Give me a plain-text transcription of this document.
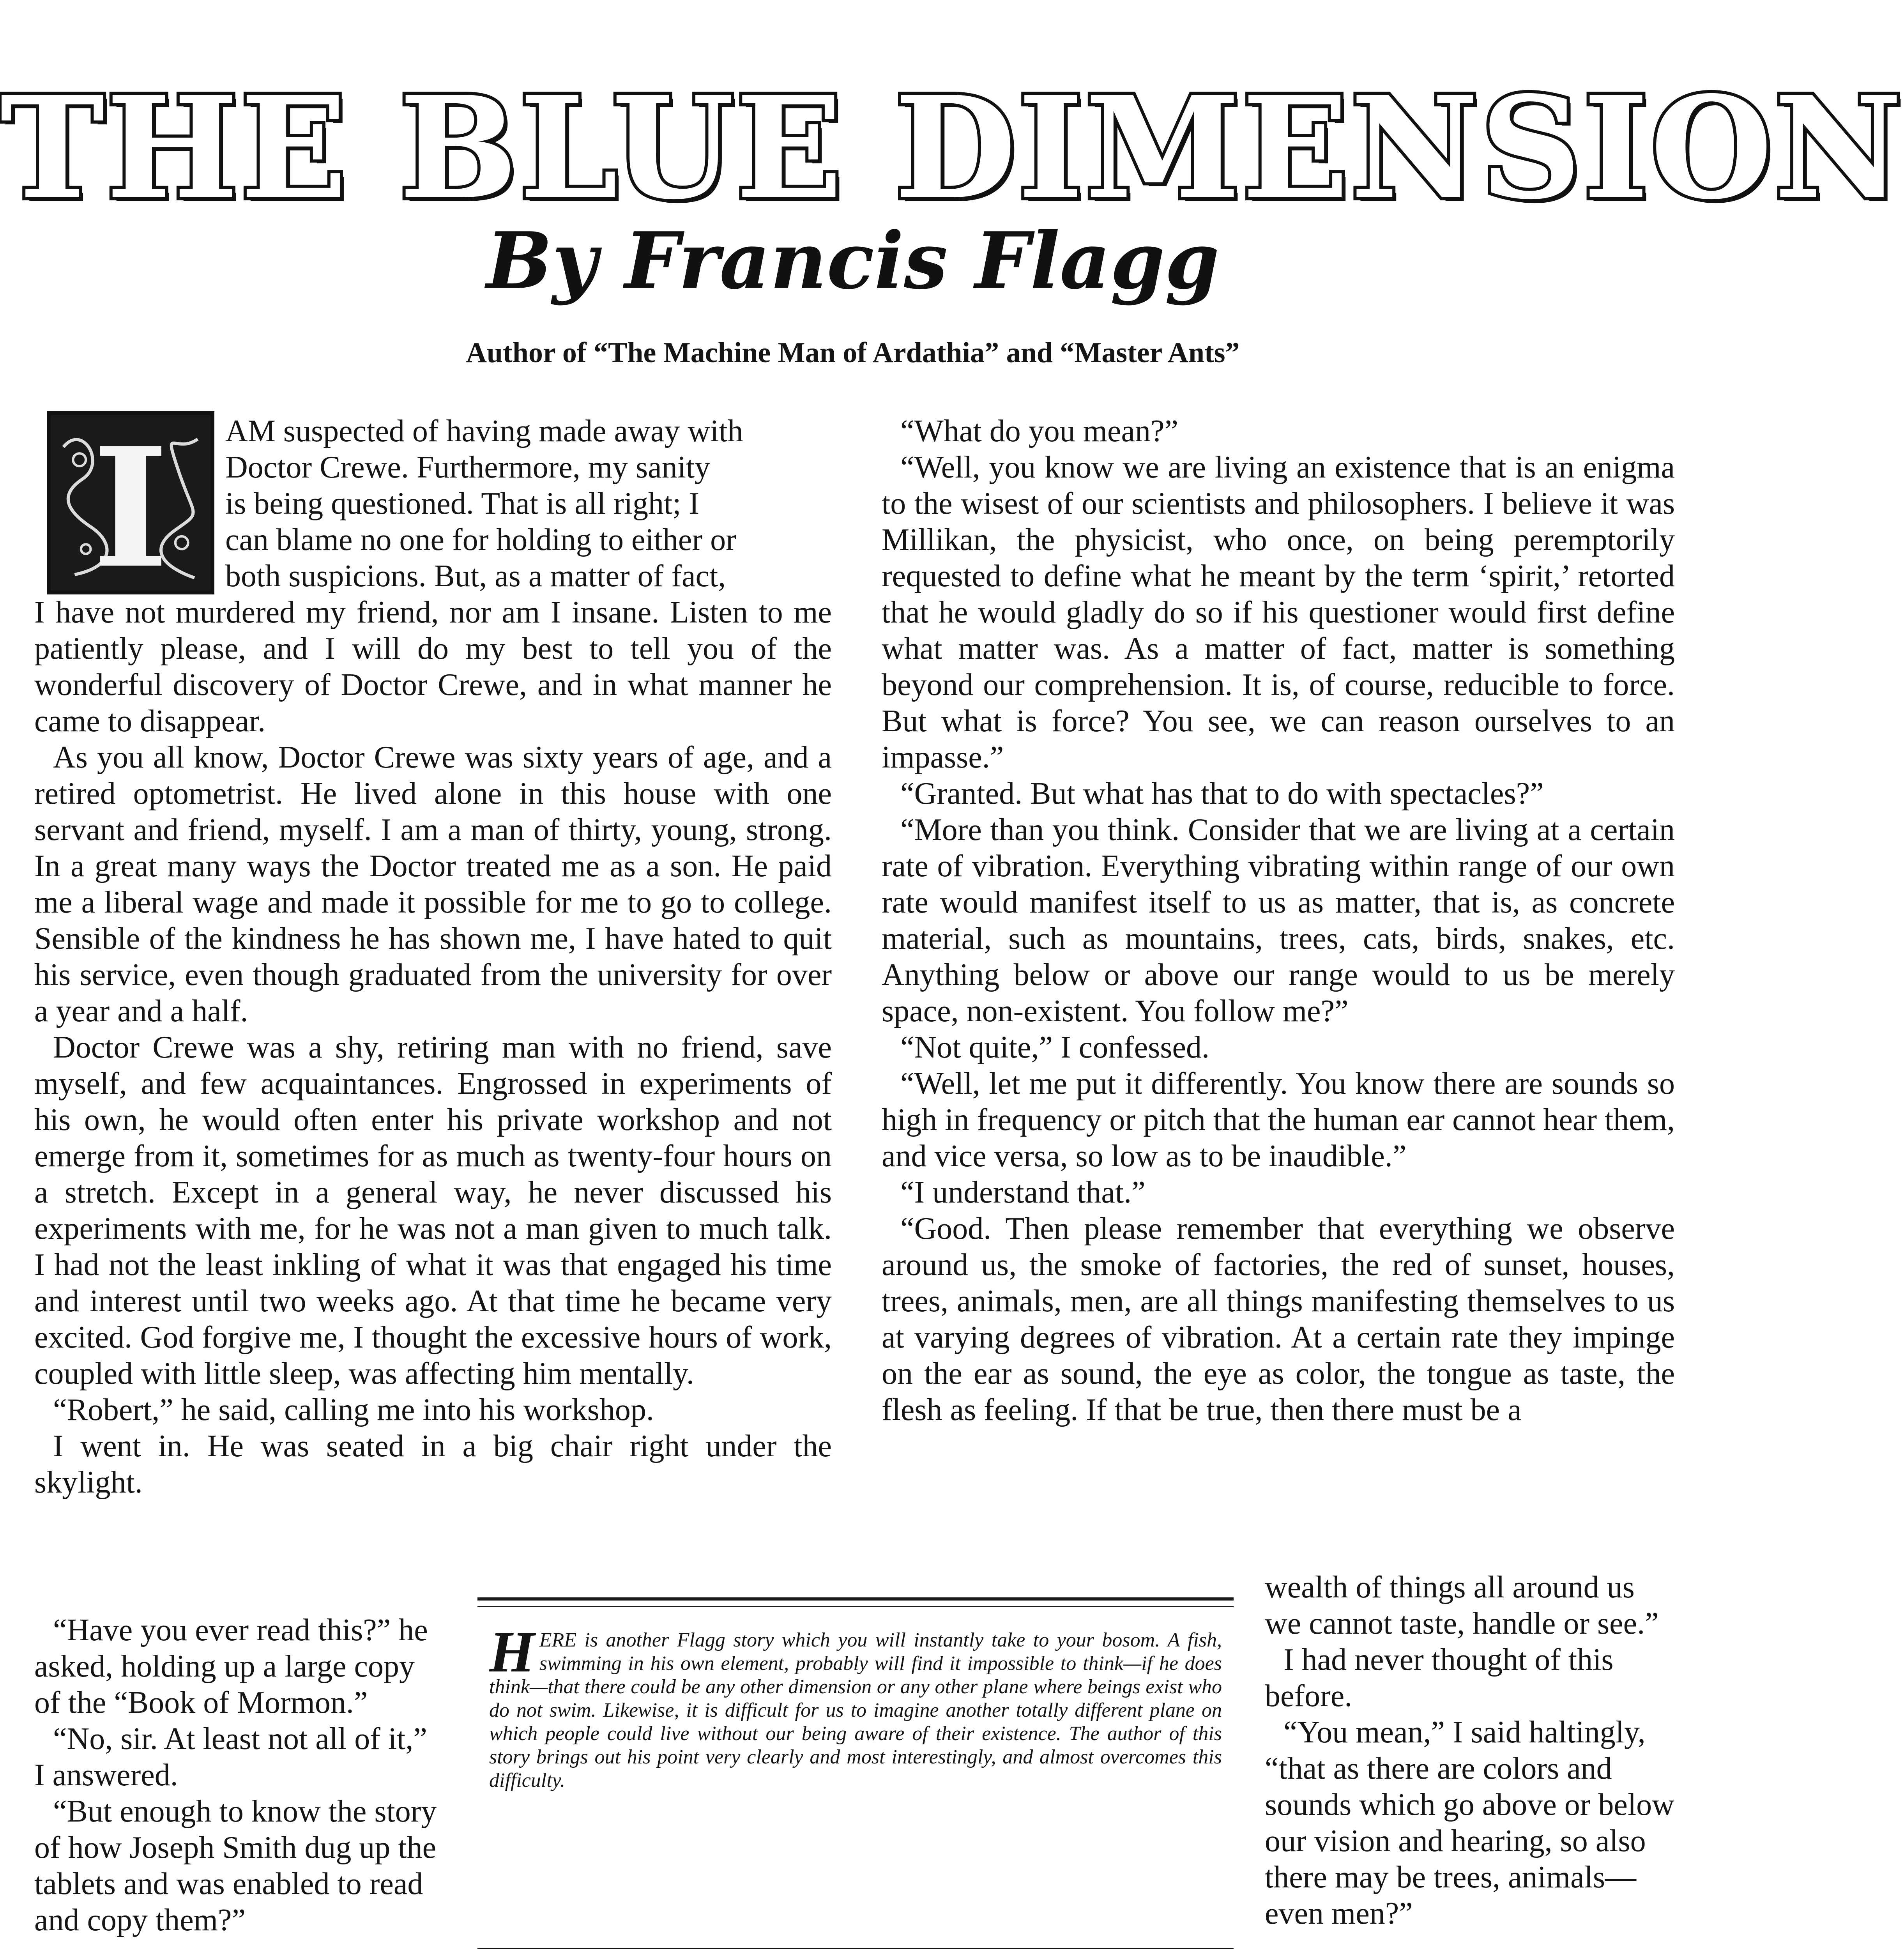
THE BLUE DIMENSION
By Francis Flagg
Author of “The Machine Man of Ardathia” and “Master Ants”
AM suspected of having made away with
Doctor Crewe. Furthermore, my sanity
is being questioned. That is all right; I
can blame no one for holding to either or
both suspicions. But, as a matter of fact,
I

I have not murdered my friend, nor am I insane. Listen to me patiently please, and I will do my best to tell you of the wonderful discovery of Doctor Crewe, and in what manner he came to disappear.

As you all know, Doctor Crewe was sixty years of age, and a retired optometrist. He lived alone in this house with one servant and friend, myself. I am a man of thirty, young, strong. In a great many ways the Doctor treated me as a son. He paid me a liberal wage and made it possible for me to go to college. Sensible of the kindness he has shown me, I have hated to quit his service, even though graduated from the university for over a year and a half.

Doctor Crewe was a shy, retiring man with no friend, save myself, and few acquaintances. Engrossed in experiments of his own, he would often enter his private workshop and not emerge from it, sometimes for as much as twenty-four hours on a stretch. Except in a general way, he never discussed his experiments with me, for he was not a man given to much talk. I had not the least inkling of what it was that engaged his time and interest until two weeks ago. At that time he became very excited. God forgive me, I thought the excessive hours of work, coupled with little sleep, was affecting him mentally.

“Robert,” he said, calling me into his workshop.

I went in. He was seated in a big chair right under the skylight.

“Have you ever read this?” he asked, holding up a large copy of the “Book of Mormon.”

“No, sir. At least not all of it,” I answered.

“But enough to know the story of how Joseph Smith dug up the tablets and was enabled to read and copy them?”

“What do you mean?”

“Well, you know we are living an existence that is an enigma to the wisest of our scientists and philosophers. I believe it was Millikan, the physicist, who once, on being peremptorily requested to define what he meant by the term ‘spirit,’ retorted that he would gladly do so if his questioner would first define what matter was. As a matter of fact, matter is something beyond our comprehension. It is, of course, reducible to force. But what is force? You see, we can reason ourselves to an impasse.”

“Granted. But what has that to do with spectacles?”

“More than you think. Consider that we are living at a certain rate of vibration. Everything vibrating within range of our own rate would manifest itself to us as matter, that is, as concrete material, such as mountains, trees, cats, birds, snakes, etc. Anything below or above our range would to us be merely space, non-existent. You follow me?”

“Not quite,” I confessed.

“Well, let me put it differently. You know there are sounds so high in frequency or pitch that the human ear cannot hear them, and vice versa, so low as to be inaudible.”

“I understand that.”

“Good. Then please remember that everything we observe around us, the smoke of factories, the red of sunset, houses, trees, animals, men, are all things manifesting themselves to us at varying degrees of vibration. At a certain rate they impinge on the ear as sound, the eye as color, the tongue as taste, the flesh as feeling. If that be true, then there must be a

wealth of things all around us we cannot taste, handle or see.”

I had never thought of this before.

“You mean,” I said haltingly, “that as there are colors and sounds which go above or below our vision and hearing, so also there may be trees, animals—even men?”

H ERE is another Flagg story which you will instantly take to your bosom. A fish, swimming in his own element, probably will find it impossible to think—if he does think—that there could be any other dimension or any other plane where beings exist who do not swim. Likewise, it is difficult for us to imagine another totally different plane on which people could live without our being aware of their existence. The author of this story brings out his point very clearly and most interestingly, and almost overcomes this difficulty.
